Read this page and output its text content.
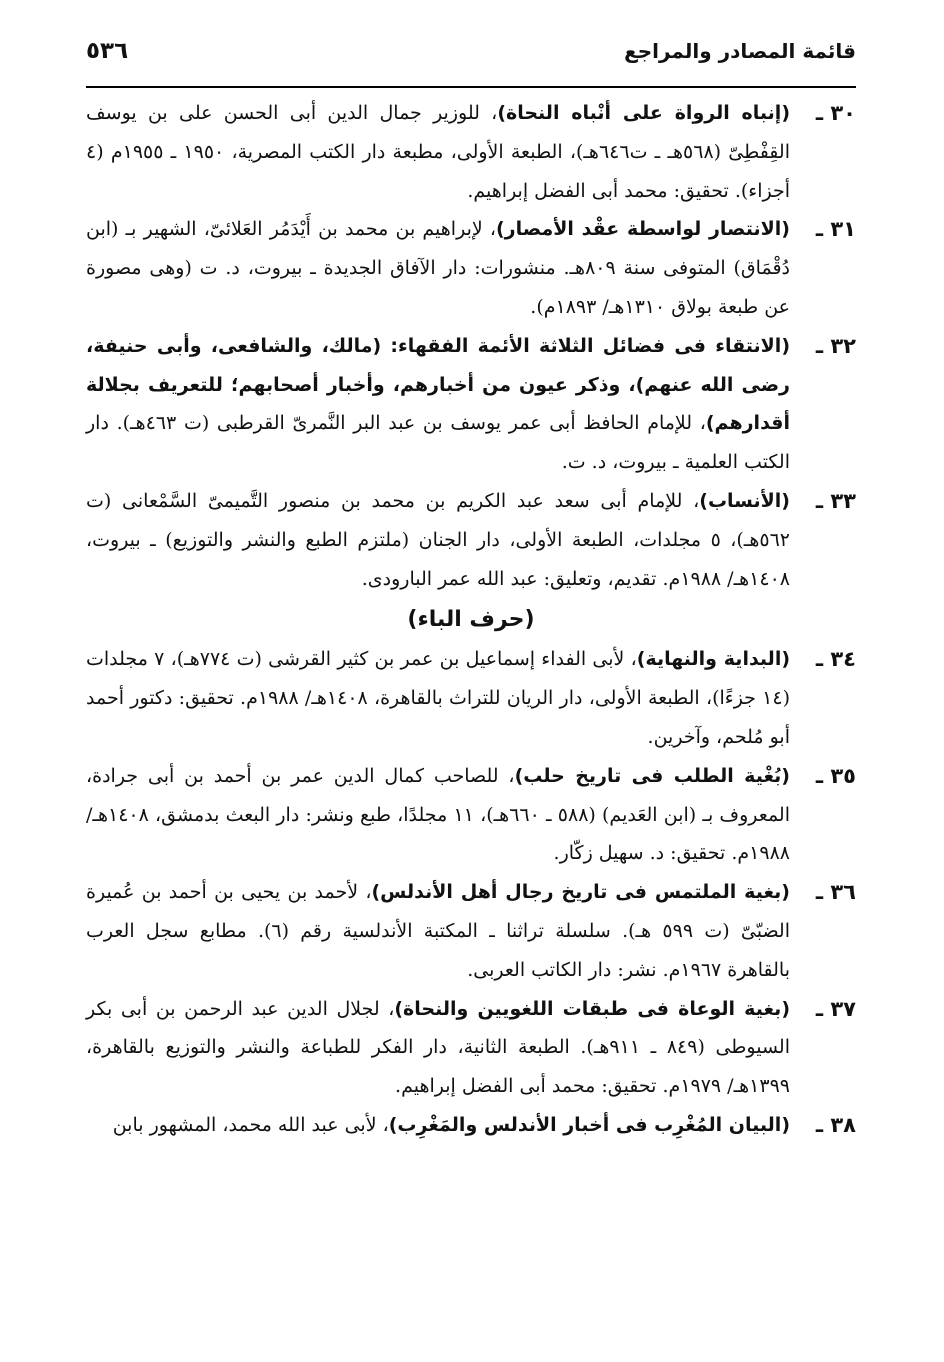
قائمة المصادر والمراجع
٥٣٦
٣٠ ـ
(إنباه الرواة على أنْباه النحاة)، للوزير جمال الدين أبى الحسن على بن يوسف القِفْطِىّ (٥٦٨هـ ـ ت٦٤٦هـ)، الطبعة الأولى، مطبعة دار الكتب المصرية، ١٩٥٠ ـ ١٩٥٥م (٤ أجزاء). تحقيق: محمد أبى الفضل إبراهيم.
٣١ ـ
(الانتصار لواسطة عقْد الأمصار)، لإبراهيم بن محمد بن أَيْدَمُر العَلائىّ، الشهير بـ (ابن دُقْمَاق) المتوفى سنة ٨٠٩هـ. منشورات: دار الآفاق الجديدة ـ بيروت، د. ت (وهى مصورة عن طبعة بولاق ١٣١٠هـ/ ١٨٩٣م).
٣٢ ـ
(الانتقاء فى فضائل الثلاثة الأئمة الفقهاء: (مالك، والشافعى، وأبى حنيفة، رضى الله عنهم)، وذكر عيون من أخبارهم، وأخبار أصحابهم؛ للتعريف بجلالة أقدارهم)، للإمام الحافظ أبى عمر يوسف بن عبد البر النَّمرىّ القرطبى (ت ٤٦٣هـ). دار الكتب العلمية ـ بيروت، د. ت.
٣٣ ـ
(الأنساب)، للإمام أبى سعد عبد الكريم بن محمد بن منصور التَّميمىّ السَّمْعانى (ت ٥٦٢هـ)، ٥ مجلدات، الطبعة الأولى، دار الجنان (ملتزم الطبع والنشر والتوزيع) ـ بيروت، ١٤٠٨هـ/ ١٩٨٨م. تقديم، وتعليق: عبد الله عمر البارودى.
(حرف الباء)
٣٤ ـ
(البداية والنهاية)، لأبى الفداء إسماعيل بن عمر بن كثير القرشى (ت ٧٧٤هـ)، ٧ مجلدات (١٤ جزءًا)، الطبعة الأولى، دار الريان للتراث بالقاهرة، ١٤٠٨هـ/ ١٩٨٨م. تحقيق: دكتور أحمد أبو مُلحم، وآخرين.
٣٥ ـ
(بُغْية الطلب فى تاريخ حلب)، للصاحب كمال الدين عمر بن أحمد بن أبى جرادة، المعروف بـ (ابن العَديم) (٥٨٨ ـ ٦٦٠هـ)، ١١ مجلدًا، طبع ونشر: دار البعث بدمشق، ١٤٠٨هـ/ ١٩٨٨م. تحقيق: د. سهيل زكّار.
٣٦ ـ
(بغية الملتمس فى تاريخ رجال أهل الأندلس)، لأحمد بن يحيى بن أحمد بن عُميرة الضبّىّ (ت ٥٩٩ هـ). سلسلة تراثنا ـ المكتبة الأندلسية رقم (٦). مطابع سجل العرب بالقاهرة ١٩٦٧م. نشر: دار الكاتب العربى.
٣٧ ـ
(بغية الوعاة فى طبقات اللغويين والنحاة)، لجلال الدين عبد الرحمن بن أبى بكر السيوطى (٨٤٩ ـ ٩١١هـ). الطبعة الثانية، دار الفكر للطباعة والنشر والتوزيع بالقاهرة، ١٣٩٩هـ/ ١٩٧٩م. تحقيق: محمد أبى الفضل إبراهيم.
٣٨ ـ
(البيان المُغْرِب فى أخبار الأندلس والمَغْرِب)، لأبى عبد الله محمد، المشهور بابن
